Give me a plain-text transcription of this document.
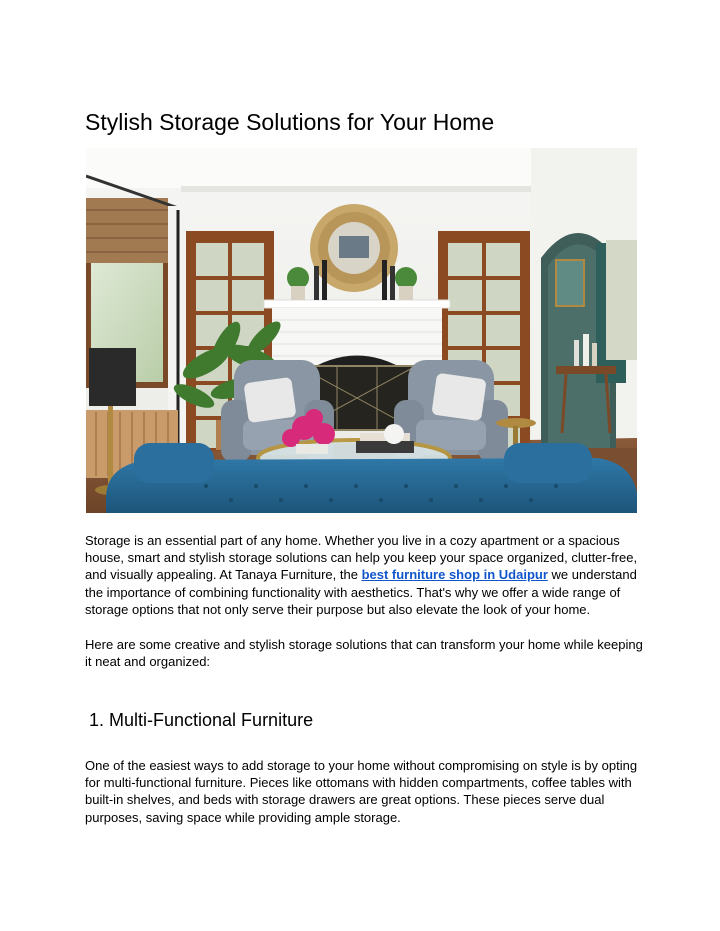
Stylish Storage Solutions for Your Home

Storage is an essential part of any home. Whether you live in a cozy apartment or a spacious house, smart and stylish storage solutions can help you keep your space organized, clutter-free, and visually appealing. At Tanaya Furniture, the best furniture shop in Udaipur we understand the importance of combining functionality with aesthetics. That's why we offer a wide range of storage options that not only serve their purpose but also elevate the look of your home.

Here are some creative and stylish storage solutions that can transform your home while keeping it neat and organized:

1. Multi-Functional Furniture

One of the easiest ways to add storage to your home without compromising on style is by opting for multi-functional furniture. Pieces like ottomans with hidden compartments, coffee tables with built-in shelves, and beds with storage drawers are great options. These pieces serve dual purposes, saving space while providing ample storage.
